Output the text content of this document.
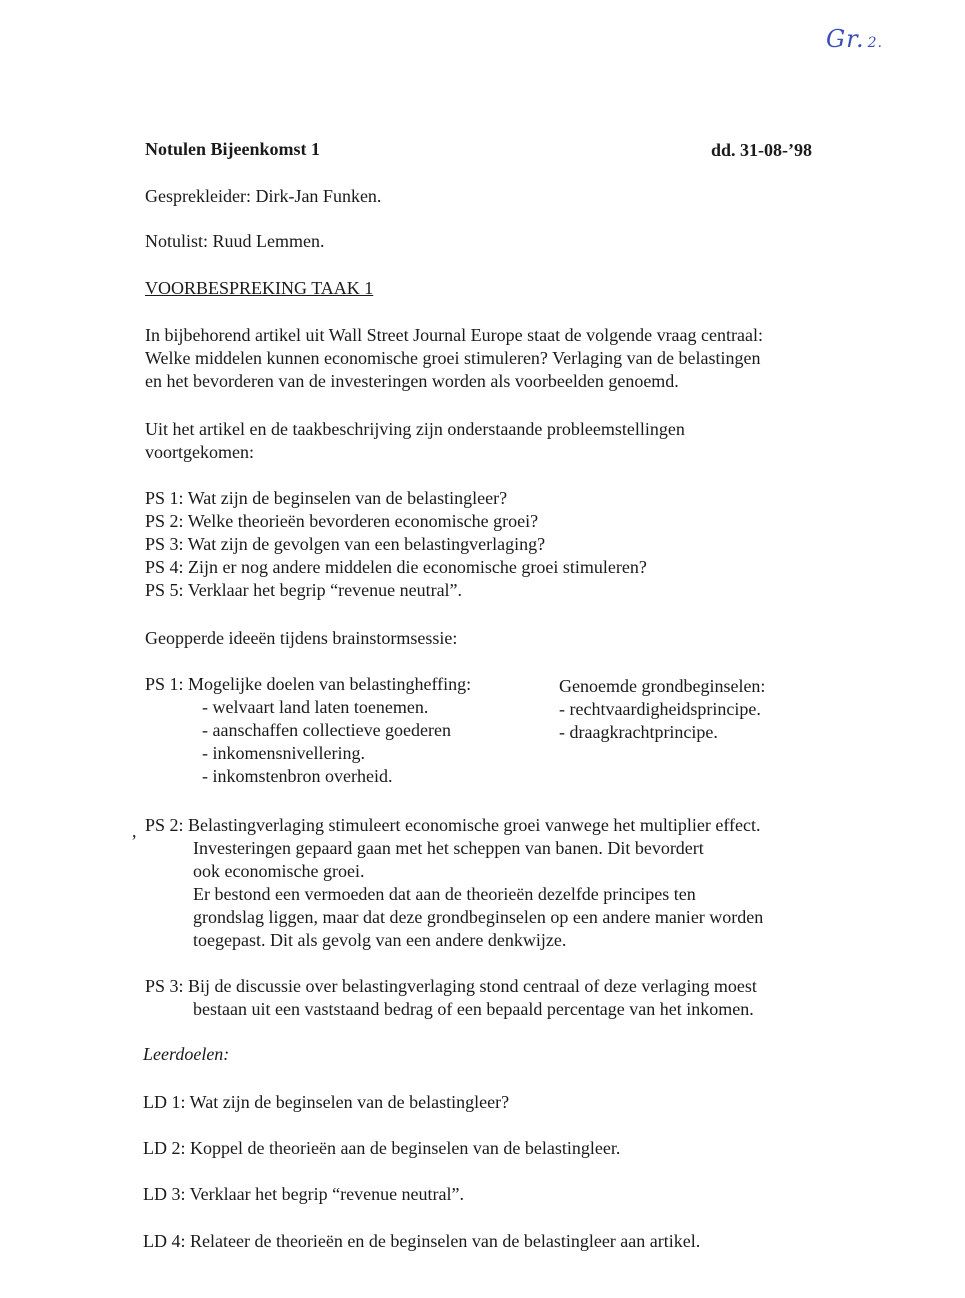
Gr. 2.
Notulen Bijeenkomst 1	dd. 31-08-’98
Gesprekleider: Dirk-Jan Funken.
Notulist: Ruud Lemmen.
VOORBESPREKING TAAK 1

In bijbehorend artikel uit Wall Street Journal Europe staat de volgende vraag centraal:

Welke middelen kunnen economische groei stimuleren? Verlaging van de belastingen

en het bevorderen van de investeringen worden als voorbeelden genoemd.

Uit het artikel en de taakbeschrijving zijn onderstaande probleemstellingen

voortgekomen:

PS 1: Wat zijn de beginselen van de belastingleer?

PS 2: Welke theorieën bevorderen economische groei?

PS 3: Wat zijn de gevolgen van een belastingverlaging?

PS 4: Zijn er nog andere middelen die economische groei stimuleren?

PS 5: Verklaar het begrip “revenue neutral”.

Geopperde ideeën tijdens brainstormsessie:

PS 1: Mogelijke doelen van belastingheffing:

- welvaart land laten toenemen.

- aanschaffen collectieve goederen

- inkomensnivellering.

- inkomstenbron overheid.

Genoemde grondbeginselen:

- rechtvaardigheidsprincipe.

- draagkrachtprincipe.

, PS 2: Belastingverlaging stimuleert economische groei vanwege het multiplier effect.

Investeringen gepaard gaan met het scheppen van banen. Dit bevordert

ook economische groei.

Er bestond een vermoeden dat aan de theorieën dezelfde principes ten

grondslag liggen, maar dat deze grondbeginselen op een andere manier worden

toegepast. Dit als gevolg van een andere denkwijze.

PS 3: Bij de discussie over belastingverlaging stond centraal of deze verlaging moest

bestaan uit een vaststaand bedrag of een bepaald percentage van het inkomen.

Leerdoelen:
LD 1: Wat zijn de beginselen van de belastingleer?
LD 2: Koppel de theorieën aan de beginselen van de belastingleer.
LD 3: Verklaar het begrip “revenue neutral”.
LD 4: Relateer de theorieën en de beginselen van de belastingleer aan artikel.
